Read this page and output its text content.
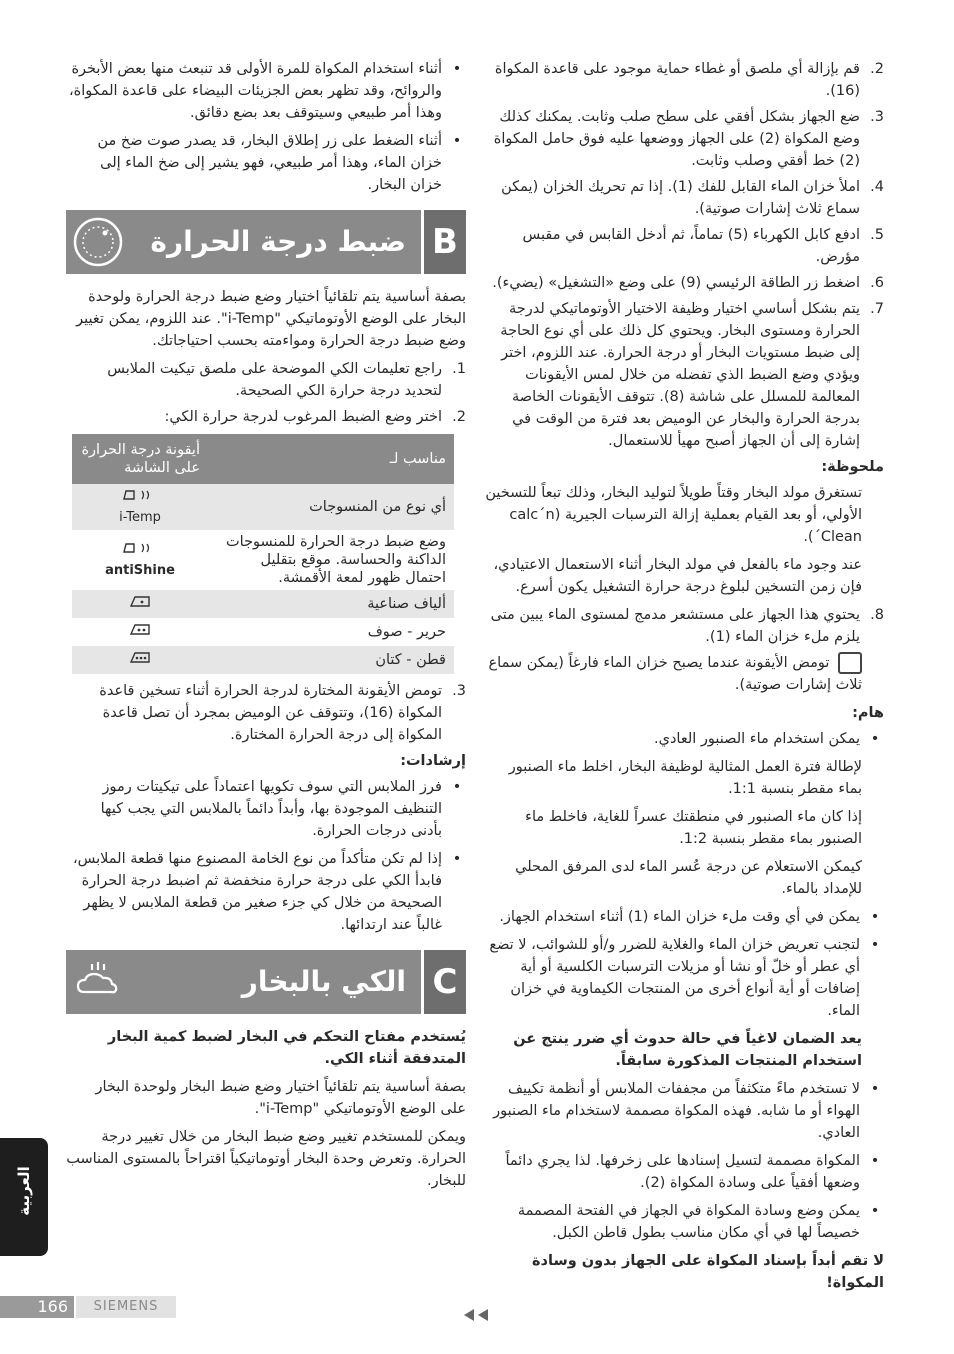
2.
قم بإزالة أي ملصق أو غطاء حماية موجود على قاعدة المكواة (16).
3.
ضع الجهاز بشكل أفقي على سطح صلب وثابت. يمكنك كذلك وضع المكواة (2) على الجهاز ووضعها عليه فوق حامل المكواة (2) خط أفقي وصلب وثابت.
4.
املأ خزان الماء القابل للفك (1). إذا تم تحريك الخزان (يمكن سماع ثلاث إشارات صوتية).
5.
ادفع كابل الكهرباء (5) تماماً، ثم أدخل القابس في مقبس مؤرض.
6.
اضغط زر الطاقة الرئيسي (9) على وضع «التشغيل» (يضيء).
7.
يتم بشكل أساسي اختيار وظيفة الاختيار الأوتوماتيكي لدرجة الحرارة ومستوى البخار. ويحتوي كل ذلك على أي نوع الحاجة إلى ضبط مستويات البخار أو درجة الحرارة. عند اللزوم، اختر ويؤدي وضع الضبط الذي تفضله من خلال لمس الأيقونات المعالمة للمسلل على شاشة (8). تتوقف الأيقونات الخاصة بدرجة الحرارة والبخار عن الوميض بعد فترة من الوقت في إشارة إلى أن الجهاز أصبح مهيأ للاستعمال.
ملحوظة:

تستغرق مولد البخار وقتاً طويلاً لتوليد البخار، وذلك تبعاً للتسخين الأولي، أو بعد القيام بعملية إزالة الترسبات الجيرية (calc´n´Clean).

عند وجود ماء بالفعل في مولد البخار أثناء الاستعمال الاعتيادي، فإن زمن التسخين لبلوغ درجة حرارة التشغيل يكون أسرع.

8.
يحتوي هذا الجهاز على مستشعر مدمج لمستوى الماء يبين متى يلزم ملء خزان الماء (1).

تومض الأيقونة عندما يصبح خزان الماء فارغاً (يمكن سماع ثلاث إشارات صوتية).

هام:
•
يمكن استخدام ماء الصنبور العادي.

لإطالة فترة العمل المثالية لوظيفة البخار، اخلط ماء الصنبور بماء مقطر بنسبة 1:1.

إذا كان ماء الصنبور في منطقتك عسراً للغاية، فاخلط ماء الصنبور بماء مقطر بنسبة 1:2.

كيمكن الاستعلام عن درجة عُسر الماء لدى المرفق المحلي للإمداد بالماء.

•
يمكن في أي وقت ملء خزان الماء (1) أثناء استخدام الجهاز.
•
لتجنب تعريض خزان الماء والغلاية للضرر و/أو للشوائب، لا تضع أي عطر أو خلّ أو نشا أو مزيلات الترسبات الكلسية أو أية إضافات أو أية أنواع أخرى من المنتجات الكيماوية في خزان الماء.

يعد الضمان لاغياً في حالة حدوث أي ضرر ينتج عن استخدام المنتجات المذكورة سابقاً.

•
لا تستخدم ماءً متكثفاً من مجففات الملابس أو أنظمة تكييف الهواء أو ما شابه. فهذه المكواة مصممة لاستخدام ماء الصنبور العادي.
•
المكواة مصممة لتسيل إسنادها على زخرفها. لذا يجري دائماً وضعها أفقياً على وسادة المكواة (2).
•
يمكن وضع وسادة المكواة في الجهاز في الفتحة المصممة خصيصاً لها في أي مكان مناسب بطول قاطن الكبل.

لا تقم أبداً بإسناد المكواة على الجهاز بدون وسادة المكواة!

•
أثناء استخدام المكواة للمرة الأولى قد تنبعث منها بعض الأبخرة والروائح، وقد تظهر بعض الجزيئات البيضاء على قاعدة المكواة، وهذا أمر طبيعي وسيتوقف بعد بضع دقائق.
•
أثناء الضغط على زر إطلاق البخار، قد يصدر صوت ضخ من خزان الماء، وهذا أمر طبيعي، فهو يشير إلى ضخ الماء إلى خزان البخار.
B
ضبط درجة الحرارة

بصفة أساسية يتم تلقائياً اختيار وضع ضبط درجة الحرارة ولوحدة البخار على الوضع الأوتوماتيكي "i-Temp". عند اللزوم، يمكن تغيير وضع ضبط درجة الحرارة ومواءمته بحسب احتياجاتك.

1.
راجع تعليمات الكي الموضحة على ملصق تيكيت الملابس لتحديد درجة حرارة الكي الصحيحة.
2.
اختر وضع الضبط المرغوب لدرجة حرارة الكي:
مناسب لـ	أيقونة درجة الحرارة على الشاشة
أي نوع من المنسوجات	i-Temp
وضع ضبط درجة الحرارة للمنسوجات الداكنة والحساسة. موقع بتقليل احتمال ظهور لمعة الأقمشة.	antiShine
ألياف صناعية	
حرير - صوف	
قطن - كتان	
3.
تومض الأيقونة المختارة لدرجة الحرارة أثناء تسخين قاعدة المكواة (16)، وتتوقف عن الوميض بمجرد أن تصل قاعدة المكواة إلى درجة الحرارة المختارة.
إرشادات:
•
فرز الملابس التي سوف تكويها اعتماداً على تيكيتات رموز التنظيف الموجودة بها، وأبداً دائماً بالملابس التي يجب كيها بأدنى درجات الحرارة.
•
إذا لم تكن متأكداً من نوع الخامة المصنوع منها قطعة الملابس، فابدأ الكي على درجة حرارة منخفضة ثم اضبط درجة الحرارة الصحيحة من خلال كي جزء صغير من قطعة الملابس لا يظهر غالباً عند ارتدائها.
C
الكي بالبخار

يُستخدم مفتاح التحكم في البخار لضبط كمية البخار المتدفقة أثناء الكي.

بصفة أساسية يتم تلقائياً اختيار وضع ضبط البخار ولوحدة البخار على الوضع الأوتوماتيكي "i-Temp".

ويمكن للمستخدم تغيير وضع ضبط البخار من خلال تغيير درجة الحرارة. وتعرض وحدة البخار أوتوماتيكياً اقتراحاً بالمستوى المناسب للبخار.

العربية
166	SIEMENS
